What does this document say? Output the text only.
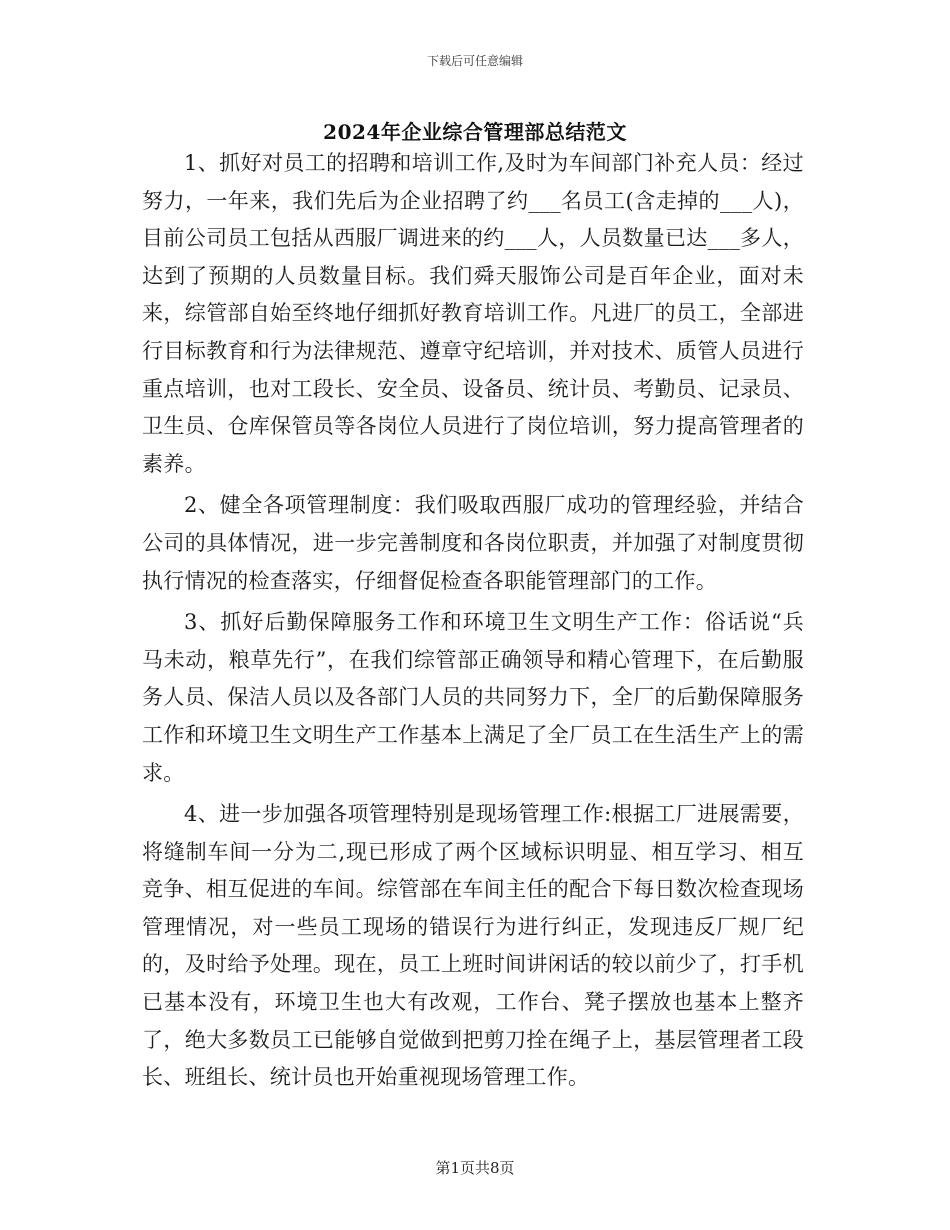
下载后可任意编辑
2024年企业综合管理部总结范文

1、抓好对员工的招聘和培训工作,及时为车间部门补充人员：经过努力，一年来，我们先后为企业招聘了约___名员工(含走掉的___人)，目前公司员工包括从西服厂调进来的约___人，人员数量已达___多人，达到了预期的人员数量目标。我们舜天服饰公司是百年企业，面对未来，综管部自始至终地仔细抓好教育培训工作。凡进厂的员工，全部进行目标教育和行为法律规范、遵章守纪培训，并对技术、质管人员进行重点培训，也对工段长、安全员、设备员、统计员、考勤员、记录员、卫生员、仓库保管员等各岗位人员进行了岗位培训，努力提高管理者的素养。

2、健全各项管理制度：我们吸取西服厂成功的管理经验，并结合公司的具体情况，进一步完善制度和各岗位职责，并加强了对制度贯彻执行情况的检查落实，仔细督促检查各职能管理部门的工作。

3、抓好后勤保障服务工作和环境卫生文明生产工作：俗话说“兵马未动，粮草先行”，在我们综管部正确领导和精心管理下，在后勤服务人员、保洁人员以及各部门人员的共同努力下，全厂的后勤保障服务工作和环境卫生文明生产工作基本上满足了全厂员工在生活生产上的需求。

4、进一步加强各项管理特别是现场管理工作:根据工厂进展需要，将缝制车间一分为二,现已形成了两个区域标识明显、相互学习、相互竞争、相互促进的车间。综管部在车间主任的配合下每日数次检查现场管理情况，对一些员工现场的错误行为进行纠正，发现违反厂规厂纪的，及时给予处理。现在，员工上班时间讲闲话的较以前少了，打手机已基本没有，环境卫生也大有改观，工作台、凳子摆放也基本上整齐了，绝大多数员工已能够自觉做到把剪刀拴在绳子上，基层管理者工段长、班组长、统计员也开始重视现场管理工作。

第1页共8页
